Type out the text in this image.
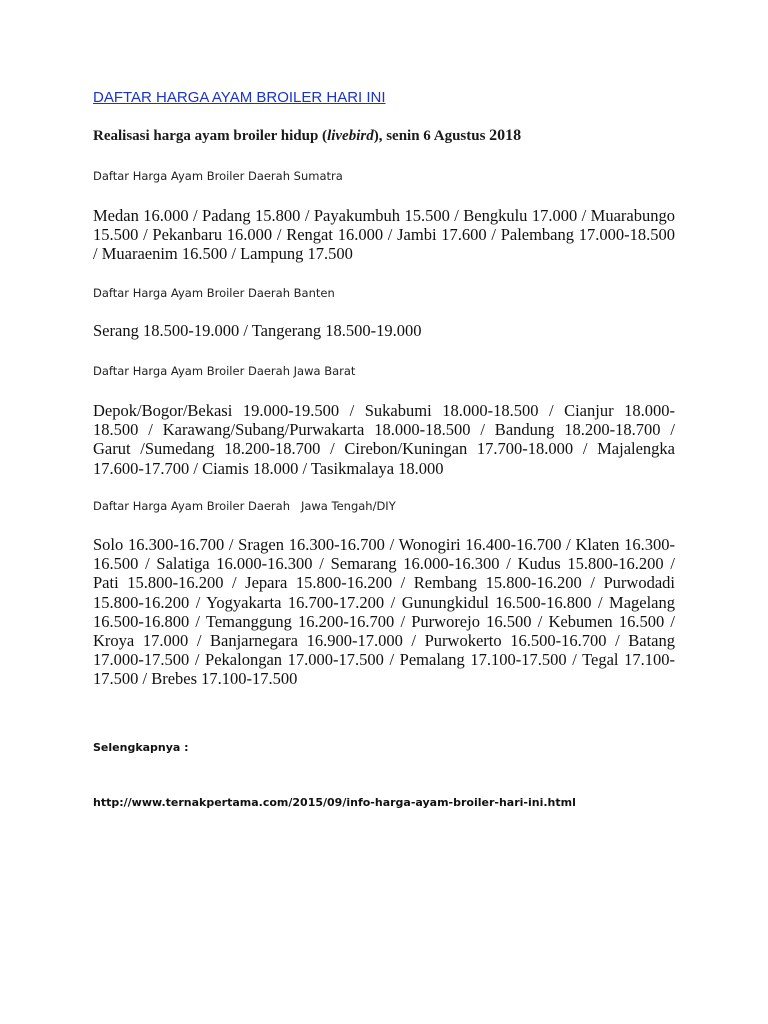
DAFTAR HARGA AYAM BROILER HARI INI
Realisasi harga ayam broiler hidup (livebird), senin 6 Agustus 2018
Daftar Harga Ayam Broiler Daerah Sumatra
Medan 16.000 / Padang 15.800 / Payakumbuh 15.500 / Bengkulu 17.000 / Muarabungo 15.500 / Pekanbaru 16.000 / Rengat 16.000 / Jambi 17.600 / Palembang 17.000-18.500 / Muaraenim 16.500 / Lampung 17.500
Daftar Harga Ayam Broiler Daerah Banten
Serang 18.500-19.000 / Tangerang 18.500-19.000
Daftar Harga Ayam Broiler Daerah Jawa Barat
Depok/Bogor/Bekasi 19.000-19.500 / Sukabumi 18.000-18.500 / Cianjur 18.000-18.500 / Karawang/Subang/Purwakarta 18.000-18.500 / Bandung 18.200-18.700 / Garut /Sumedang 18.200-18.700 / Cirebon/Kuningan 17.700-18.000 / Majalengka 17.600-17.700 / Ciamis 18.000 / Tasikmalaya 18.000
Daftar Harga Ayam Broiler Daerah   Jawa Tengah/DIY
Solo 16.300-16.700 / Sragen 16.300-16.700 / Wonogiri 16.400-16.700 / Klaten 16.300-16.500 / Salatiga 16.000-16.300 / Semarang 16.000-16.300 / Kudus 15.800-16.200 / Pati 15.800-16.200 / Jepara 15.800-16.200 / Rembang 15.800-16.200 / Purwodadi 15.800-16.200 / Yogyakarta 16.700-17.200 / Gunungkidul 16.500-16.800 / Magelang 16.500-16.800 / Temanggung 16.200-16.700 / Purworejo 16.500 / Kebumen 16.500 / Kroya 17.000 / Banjarnegara 16.900-17.000 / Purwokerto 16.500-16.700 / Batang 17.000-17.500 / Pekalongan 17.000-17.500 / Pemalang 17.100-17.500 / Tegal 17.100-17.500 / Brebes 17.100-17.500
Selengkapnya :
http://www.ternakpertama.com/2015/09/info-harga-ayam-broiler-hari-ini.html
